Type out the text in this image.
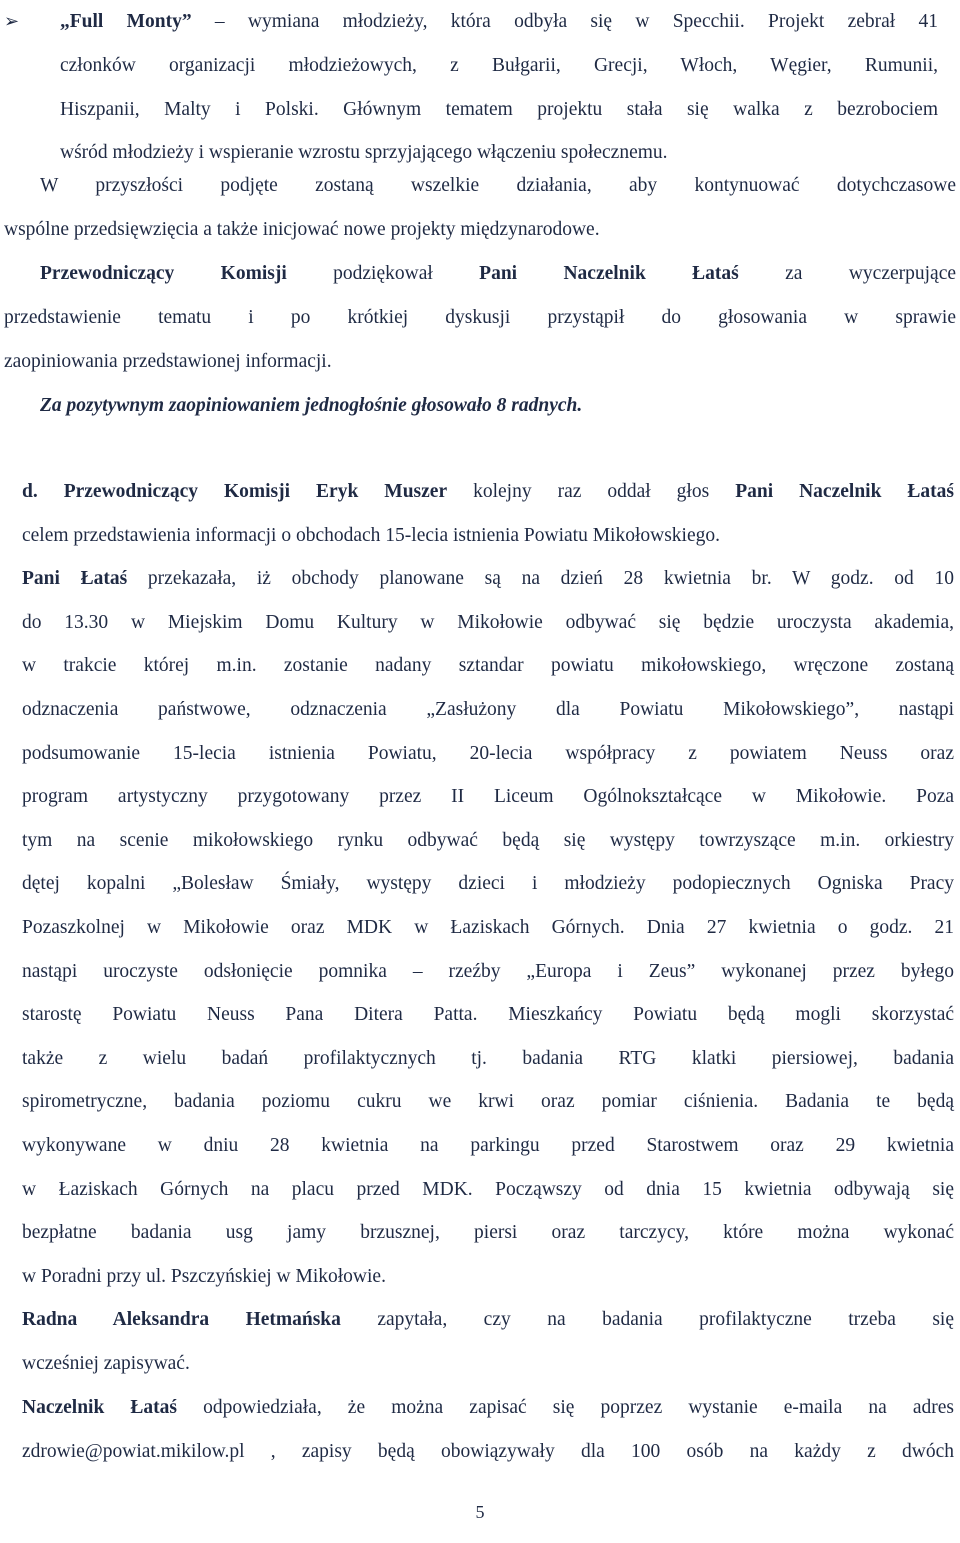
➢ „Full Monty” – wymiana młodzieży, która odbyła się w Specchii. Projekt zebrał 41
członków organizacji młodzieżowych, z Bułgarii, Grecji, Włoch, Węgier, Rumunii,
Hiszpanii, Malty i Polski. Głównym tematem projektu stała się walka z bezrobociem
wśród młodzieży i wspieranie wzrostu sprzyjającego włączeniu społecznemu.
W przyszłości podjęte zostaną wszelkie działania, aby kontynuować dotychczasowe
wspólne przedsięwzięcia a także inicjować nowe projekty międzynarodowe.
Przewodniczący Komisji podziękował Pani Naczelnik Łataś za wyczerpujące
przedstawienie tematu i po krótkiej dyskusji przystąpił do głosowania w sprawie
zaopiniowania przedstawionej informacji.
Za pozytywnym zaopiniowaniem jednogłośnie głosowało 8 radnych.
d. Przewodniczący Komisji Eryk Muszer kolejny raz oddał głos Pani Naczelnik Łataś
celem przedstawienia informacji o obchodach 15-lecia istnienia Powiatu Mikołowskiego.
Pani Łataś przekazała, iż obchody planowane są na dzień 28 kwietnia br. W godz. od 10
do 13.30 w Miejskim Domu Kultury w Mikołowie odbywać się będzie uroczysta akademia,
w trakcie której m.in. zostanie nadany sztandar powiatu mikołowskiego, wręczone zostaną
odznaczenia państwowe, odznaczenia „Zasłużony dla Powiatu Mikołowskiego”, nastąpi
podsumowanie 15-lecia istnienia Powiatu, 20-lecia współpracy z powiatem Neuss oraz
program artystyczny przygotowany przez II Liceum Ogólnokształcące w Mikołowie. Poza
tym na scenie mikołowskiego rynku odbywać będą się występy towrzyszące m.in. orkiestry
dętej kopalni „Bolesław Śmiały, występy dzieci i młodzieży podopiecznych Ogniska Pracy
Pozaszkolnej w Mikołowie oraz MDK w Łaziskach Górnych. Dnia 27 kwietnia o godz. 21
nastąpi uroczyste odsłonięcie pomnika – rzeźby „Europa i Zeus” wykonanej przez byłego
starostę Powiatu Neuss Pana Ditera Patta. Mieszkańcy Powiatu będą mogli skorzystać
także z wielu badań profilaktycznych tj. badania RTG klatki piersiowej, badania
spirometryczne, badania poziomu cukru we krwi oraz pomiar ciśnienia. Badania te będą
wykonywane w dniu 28 kwietnia na parkingu przed Starostwem oraz 29 kwietnia
w Łaziskach Górnych na placu przed MDK. Począwszy od dnia 15 kwietnia odbywają się
bezpłatne badania usg jamy brzusznej, piersi oraz tarczycy, które można wykonać
w Poradni przy ul. Pszczyńskiej w Mikołowie.
Radna Aleksandra Hetmańska zapytała, czy na badania profilaktyczne trzeba się
wcześniej zapisywać.
Naczelnik Łataś odpowiedziała, że można zapisać się poprzez wystanie e-maila na adres
zdrowie@powiat.mikilow.pl , zapisy będą obowiązywały dla 100 osób na każdy z dwóch
5
